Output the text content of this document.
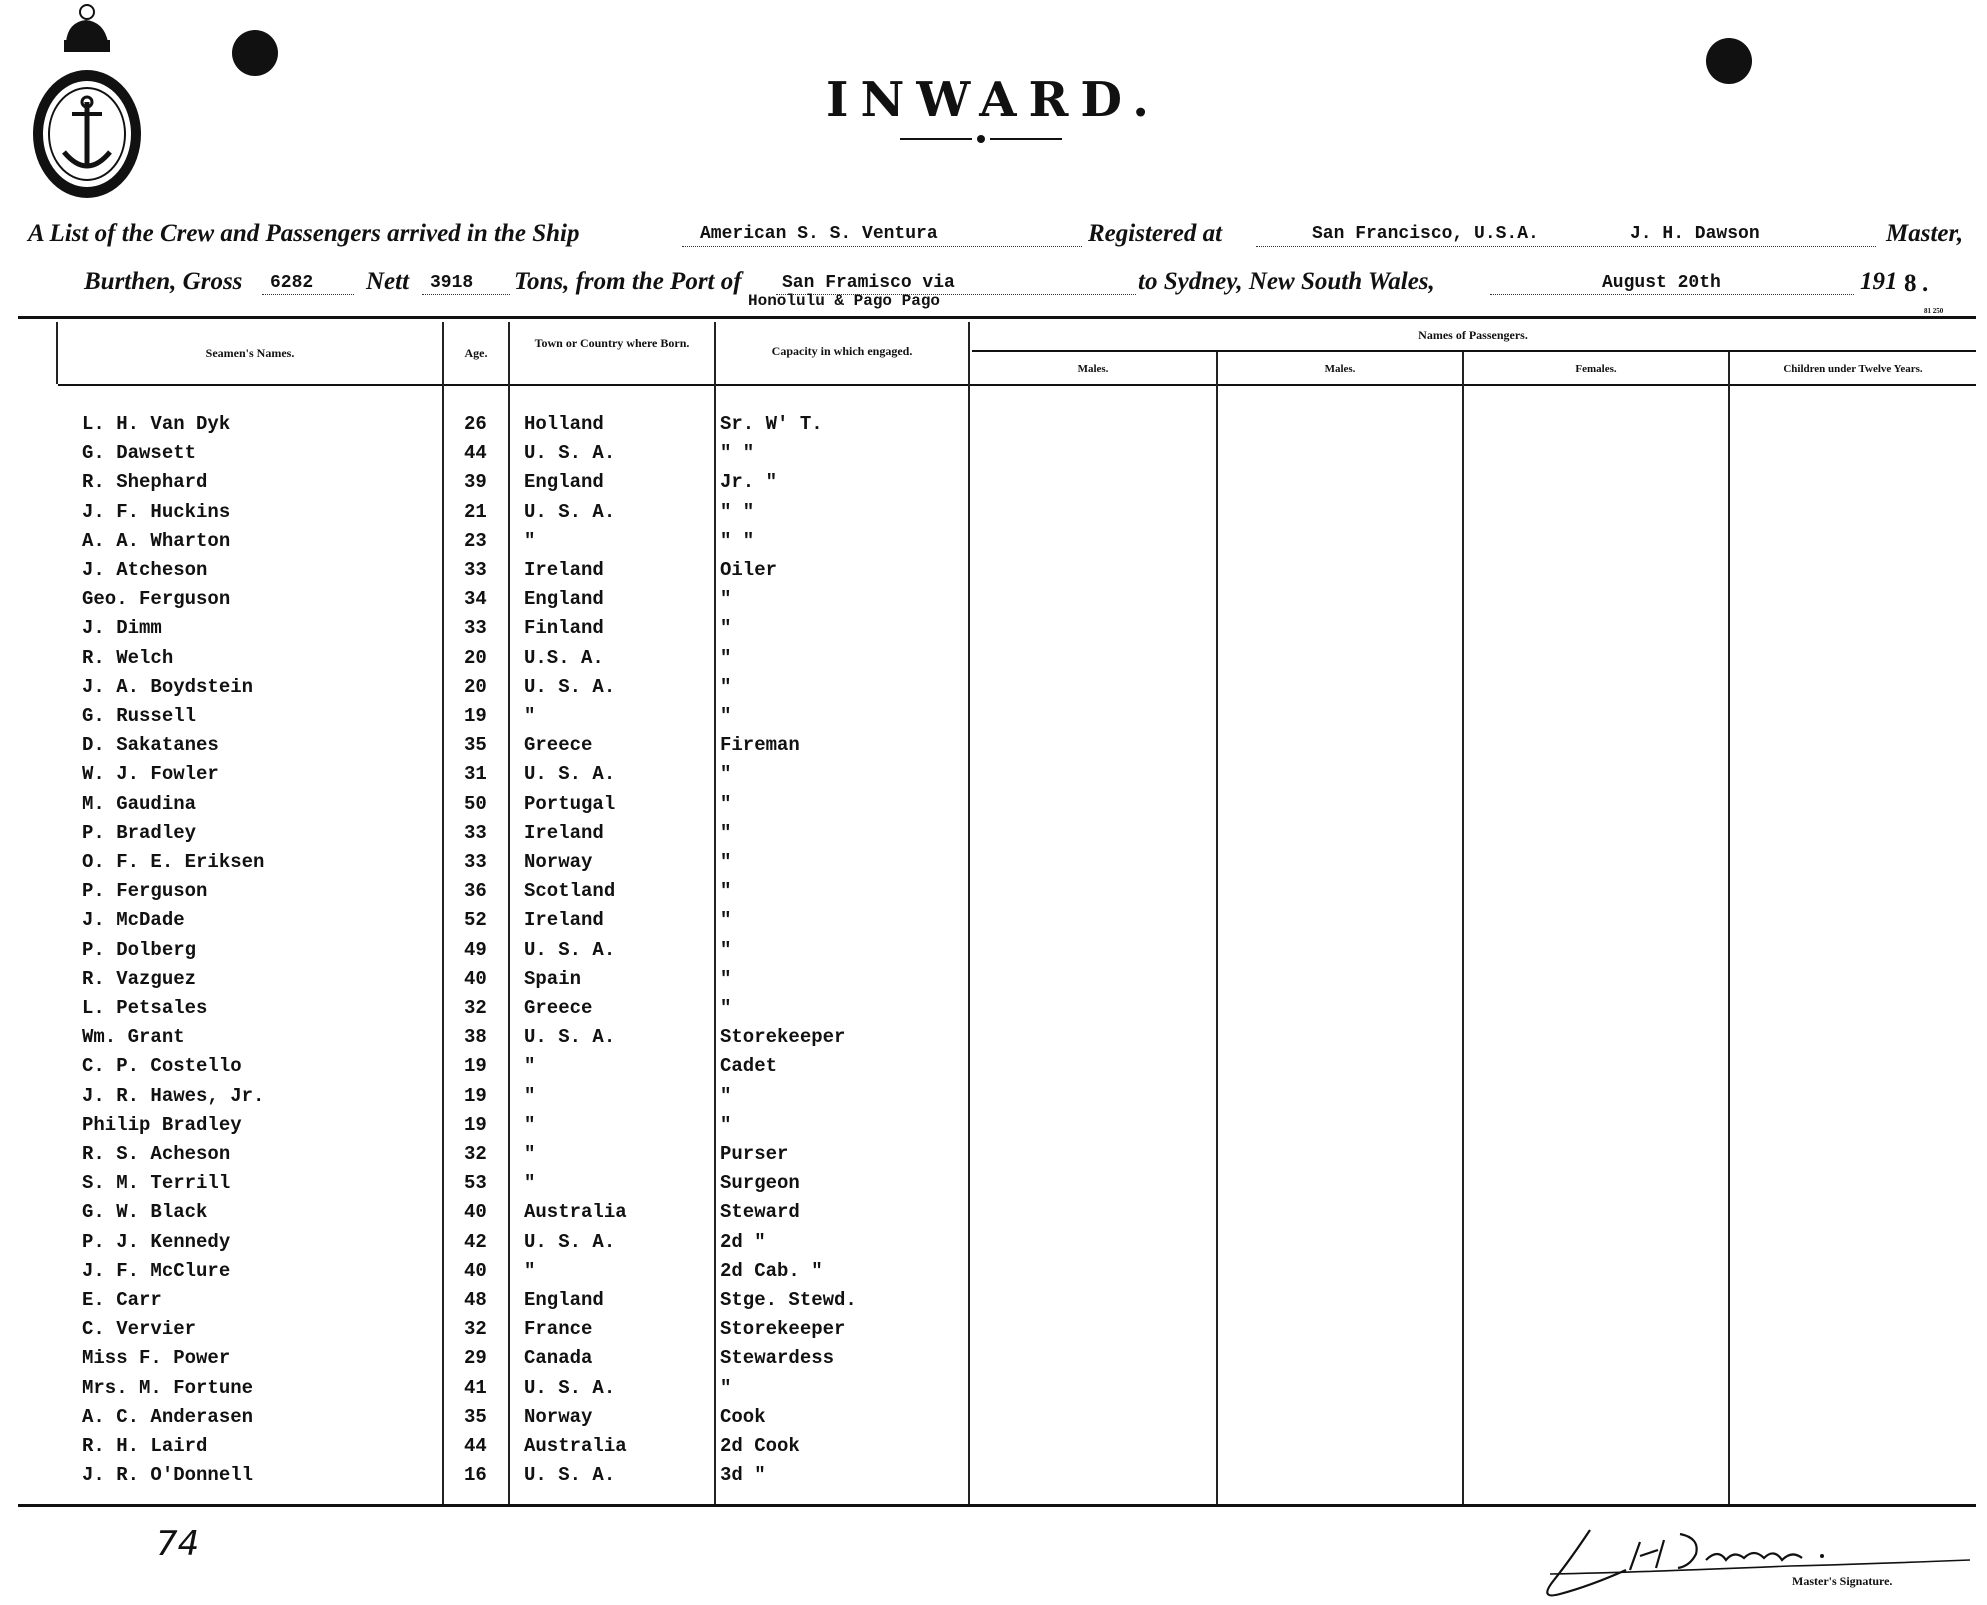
INWARD.
A List of the Crew and Passengers arrived in the Ship	American S. S. Ventura	Registered at	San Francisco, U.S.A.	J. H. Dawson	Master,
Burthen, Gross 6282 Nett 3918 Tons, from the Port of San Framisco via
Honolulu & Pago Pago
to Sydney, New South Wales,	August 20th	191 8 .
81 250
Seamen's Names.	Age.
Town or Country where Born.
Capacity in which engaged.
Names of Passengers.
Males.	Males.	Females.	Children under Twelve Years.
L. H. Van Dyk	26 Holland	Sr. W' T.
G. Dawsett	44 U. S. A.	" "
R. Shephard	39 England	Jr. "
J. F. Huckins	21 U. S. A.	" "
A. A. Wharton	23 "	" "
J. Atcheson	33 Ireland	Oiler
Geo. Ferguson	34 England	"
J. Dimm	33 Finland	"
R. Welch	20 U.S. A.	"
J. A. Boydstein	20 U. S. A.	"
G. Russell	19 "	"
D. Sakatanes	35 Greece	Fireman
W. J. Fowler	31 U. S. A.	"
M. Gaudina	50 Portugal	"
P. Bradley	33 Ireland	"
O. F. E. Eriksen	33 Norway	"
P. Ferguson	36 Scotland	"
J. McDade	52 Ireland	"
P. Dolberg	49 U. S. A.	"
R. Vazguez	40 Spain	"
L. Petsales	32 Greece	"
Wm. Grant	38 U. S. A.	Storekeeper
C. P. Costello	19 "	Cadet
J. R. Hawes, Jr.	19 "	"
Philip Bradley	19 "	"
R. S. Acheson	32 "	Purser
S. M. Terrill	53 "	Surgeon
G. W. Black	40 Australia	Steward
P. J. Kennedy	42 U. S. A.	2d "
J. F. McClure	40 "	2d Cab. "
E. Carr	48 England	Stge. Stewd.
C. Vervier	32 France	Storekeeper
Miss F. Power	29 Canada	Stewardess
Mrs. M. Fortune	41 U. S. A.	"
A. C. Anderasen	35 Norway	Cook
R. H. Laird	44 Australia	2d Cook
J. R. O'Donnell	16 U. S. A.	3d "
74
Master's Signature.
